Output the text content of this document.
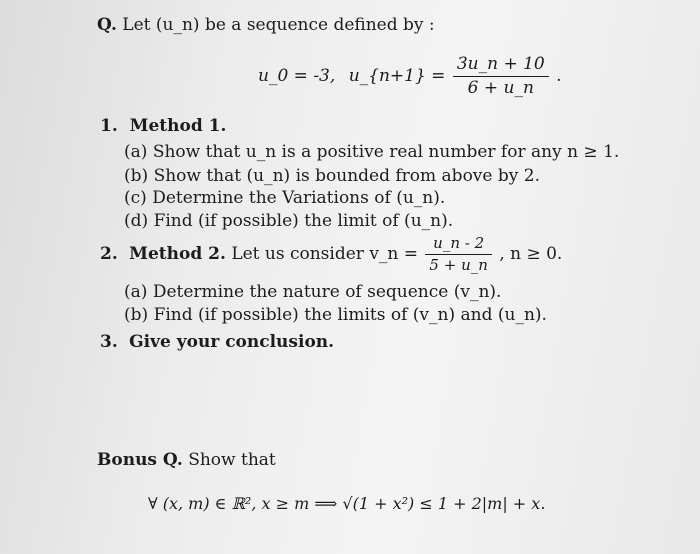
Q. Let (u_n) be a sequence defined by :
u_0 = -3, u_{n+1} = $\frac{3u\_n + 10}{6 + u\_n}$ .
1. Method 1.
(a) Show that u_n is a positive real number for any n ≥ 1.
(b) Show that (u_n) is bounded from above by 2.
(c) Determine the Variations of (u_n).
(d) Find (if possible) the limit of (u_n).
2. Method 2. Let us consider v_n = $\frac{u\_n - 2}{5 + u\_n}$ , n ≥ 0.
(a) Determine the nature of sequence (v_n).
(b) Find (if possible) the limits of (v_n) and (u_n).
3. Give your conclusion.
Bonus Q. Show that
∀ (x, m) ∈ ℝ², x ≥ m ⟹ √(1 + x²) ≤ 1 + 2|m| + x.
